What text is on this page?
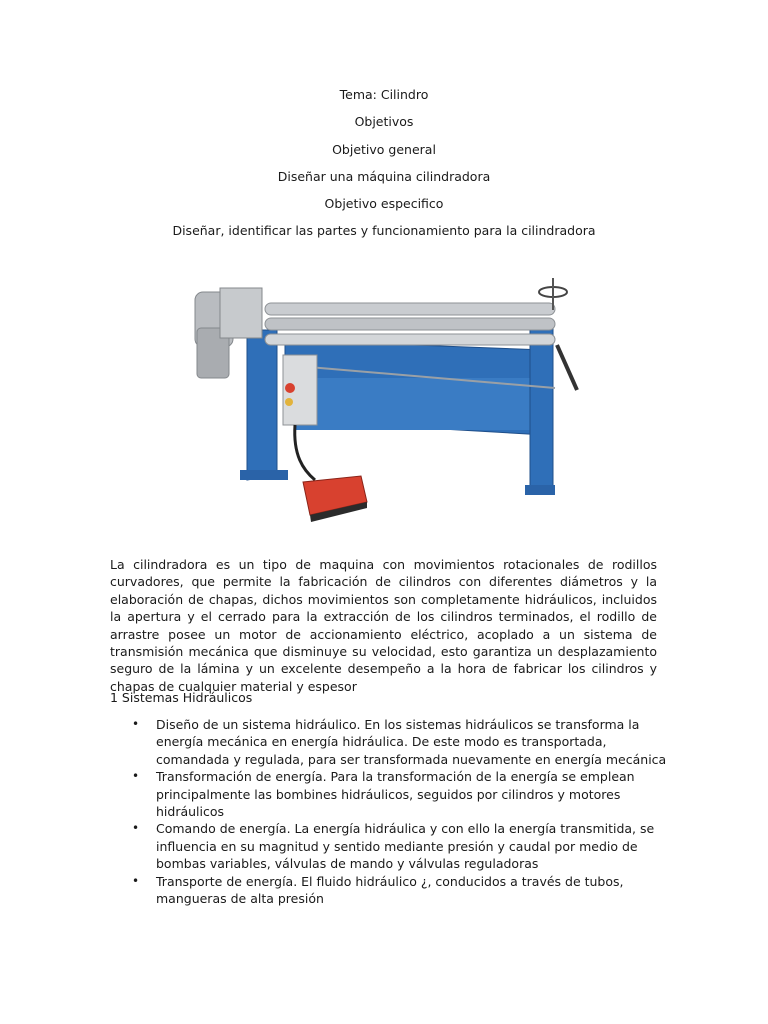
Tema: Cilindro

Objetivos

Objetivo general

Diseñar una máquina cilindradora

Objetivo especifico

Diseñar, identificar las partes y funcionamiento para la cilindradora

La cilindradora es un tipo de maquina con movimientos rotacionales de rodillos curvadores, que permite la fabricación de cilindros con diferentes diámetros y la elaboración de chapas, dichos movimientos son completamente hidráulicos, incluidos la apertura y el cerrado para la extracción de los cilindros terminados, el rodillo de arrastre posee un motor de accionamiento eléctrico, acoplado a un sistema de transmisión mecánica que disminuye su velocidad, esto garantiza un desplazamiento seguro de la lámina y un excelente desempeño a la hora de fabricar los cilindros y chapas de cualquier material y espesor

1 Sistemas Hidráulicos

• Diseño de un sistema hidráulico. En los sistemas hidráulicos se transforma la energía mecánica en energía hidráulica. De este modo es transportada, comandada y regulada, para ser transformada nuevamente en energía mecánica
• Transformación de energía. Para la transformación de la energía se emplean principalmente las bombines hidráulicos, seguidos por cilindros y motores hidráulicos
• Comando de energía. La energía hidráulica y con ello la energía transmitida, se influencia en su magnitud y sentido mediante presión y caudal por medio de bombas variables, válvulas de mando y válvulas reguladoras
• Transporte de energía. El fluido hidráulico ¿, conducidos a través de tubos, mangueras de alta presión
